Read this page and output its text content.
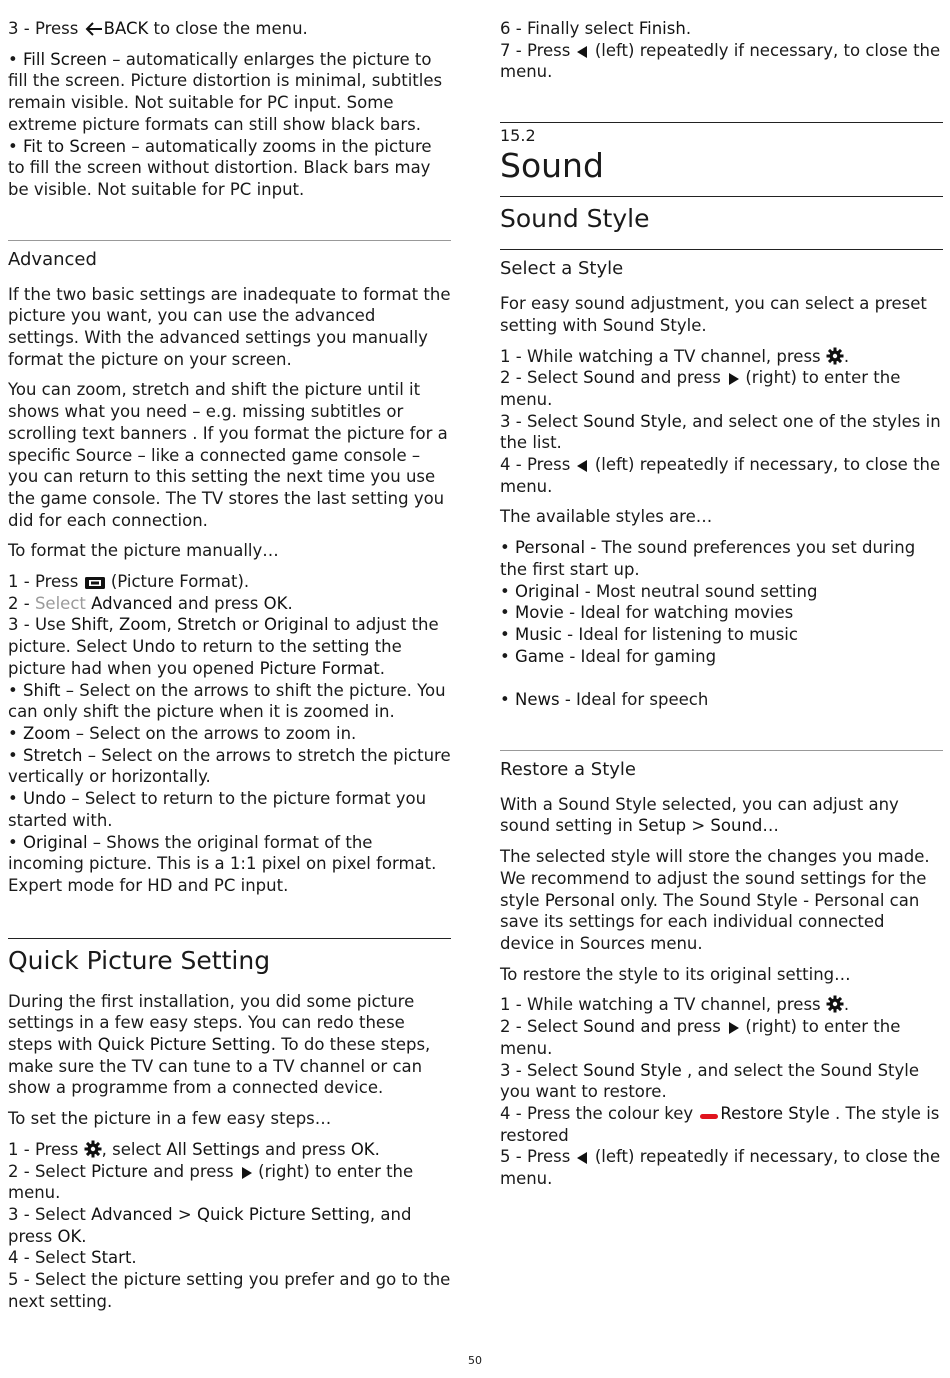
3 - Press BACK to close the menu.

• Fill Screen – automatically enlarges the picture to fill the screen. Picture distortion is minimal, subtitles remain visible. Not suitable for PC input. Some extreme picture formats can still show black bars.

• Fit to Screen – automatically zooms in the picture to fill the screen without distortion. Black bars may be visible. Not suitable for PC input.

Advanced

If the two basic settings are inadequate to format the picture you want, you can use the advanced settings. With the advanced settings you manually format the picture on your screen.

You can zoom, stretch and shift the picture until it shows what you need – e.g. missing subtitles or scrolling text banners . If you format the picture for a specific Source – like a connected game console – you can return to this setting the next time you use the game console. The TV stores the last setting you did for each connection.

To format the picture manually…

1 - Press  (Picture Format).
2 - Select Advanced and press OK.
3 - Use Shift, Zoom, Stretch or Original to adjust the picture. Select Undo to return to the setting the picture had when you opened Picture Format.
• Shift – Select on the arrows to shift the picture. You can only shift the picture when it is zoomed in.
• Zoom – Select on the arrows to zoom in.
• Stretch – Select on the arrows to stretch the picture vertically or horizontally.
• Undo – Select to return to the picture format you started with.
• Original – Shows the original format of the incoming picture. This is a 1:1 pixel on pixel format. Expert mode for HD and PC input.

Quick Picture Setting

During the first installation, you did some picture settings in a few easy steps. You can redo these steps with Quick Picture Setting. To do these steps, make sure the TV can tune to a TV channel or can show a programme from a connected device.

To set the picture in a few easy steps…

1 - Press , select All Settings and press OK.
2 - Select Picture and press  (right) to enter the menu.
3 - Select Advanced > Quick Picture Setting, and press OK.
4 - Select Start.
5 - Select the picture setting you prefer and go to the next setting.

6 - Finally select Finish.
7 - Press  (left) repeatedly if necessary, to close the menu.

15.2
Sound
Sound Style
Select a Style

For easy sound adjustment, you can select a preset setting with Sound Style.

1 - While watching a TV channel, press .
2 - Select Sound and press  (right) to enter the menu.
3 - Select Sound Style, and select one of the styles in the list.
4 - Press  (left) repeatedly if necessary, to close the menu.

The available styles are…

• Personal - The sound preferences you set during the first start up.
• Original - Most neutral sound setting
• Movie - Ideal for watching movies
• Music - Ideal for listening to music
• Game - Ideal for gaming

• News - Ideal for speech

Restore a Style

With a Sound Style selected, you can adjust any sound setting in Setup > Sound…

The selected style will store the changes you made. We recommend to adjust the sound settings for the style Personal only. The Sound Style - Personal can save its settings for each individual connected device in Sources menu.

To restore the style to its original setting…

1 - While watching a TV channel, press .
2 - Select Sound and press  (right) to enter the menu.
3 - Select Sound Style , and select the Sound Style you want to restore.
4 - Press the colour key Restore Style . The style is restored
5 - Press  (left) repeatedly if necessary, to close the menu.

50
